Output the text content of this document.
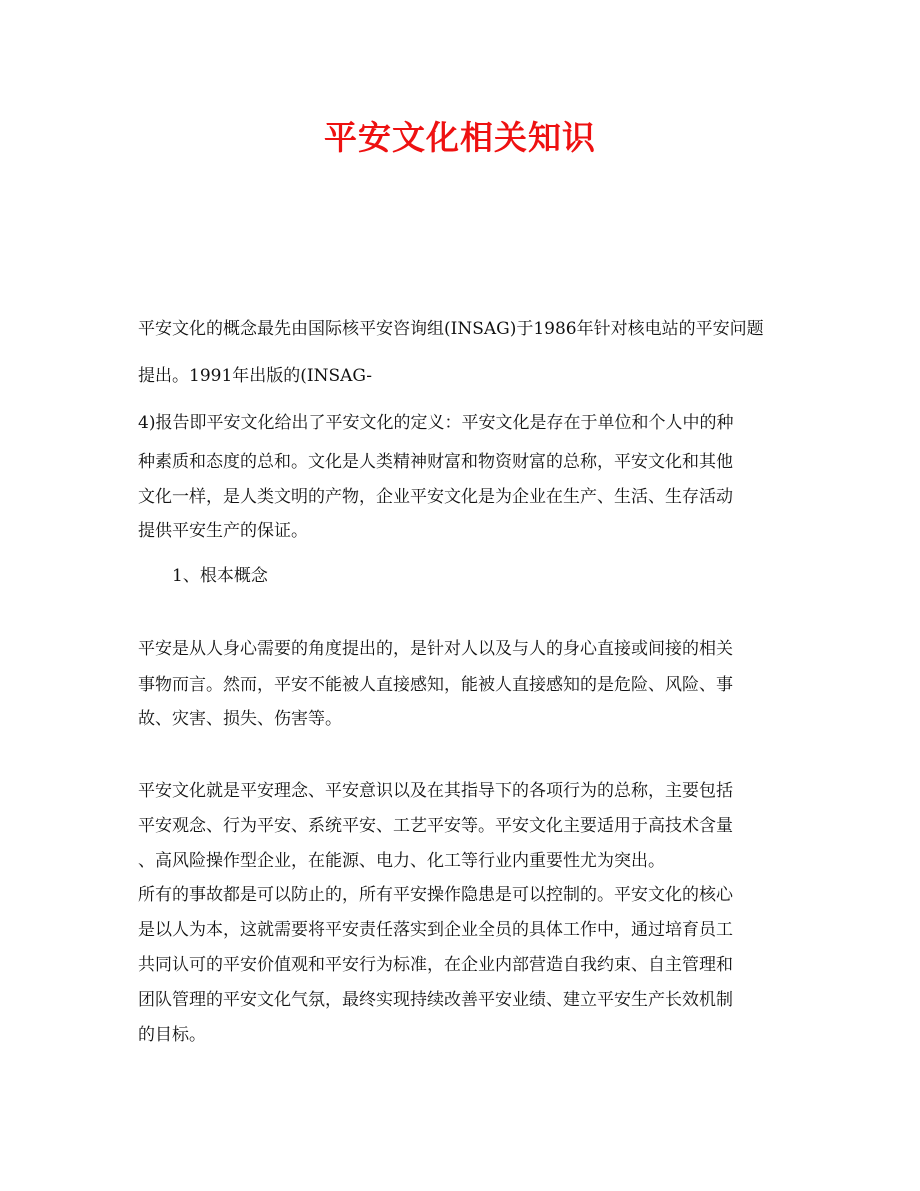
平安文化相关知识

平安文化的概念最先由国际核平安咨询组(INSAG)于1986年针对核电站的平安问题

提出。1991年出版的(INSAG-

4)报告即平安文化给出了平安文化的定义：平安文化是存在于单位和个人中的种

种素质和态度的总和。文化是人类精神财富和物资财富的总称，平安文化和其他

文化一样，是人类文明的产物，企业平安文化是为企业在生产、生活、生存活动

提供平安生产的保证。

1、根本概念

平安是从人身心需要的角度提出的，是针对人以及与人的身心直接或间接的相关

事物而言。然而，平安不能被人直接感知，能被人直接感知的是危险、风险、事

故、灾害、损失、伤害等。

平安文化就是平安理念、平安意识以及在其指导下的各项行为的总称，主要包括

平安观念、行为平安、系统平安、工艺平安等。平安文化主要适用于高技术含量

、高风险操作型企业，在能源、电力、化工等行业内重要性尤为突出。

所有的事故都是可以防止的，所有平安操作隐患是可以控制的。平安文化的核心

是以人为本，这就需要将平安责任落实到企业全员的具体工作中，通过培育员工

共同认可的平安价值观和平安行为标准，在企业内部营造自我约束、自主管理和

团队管理的平安文化气氛，最终实现持续改善平安业绩、建立平安生产长效机制

的目标。
